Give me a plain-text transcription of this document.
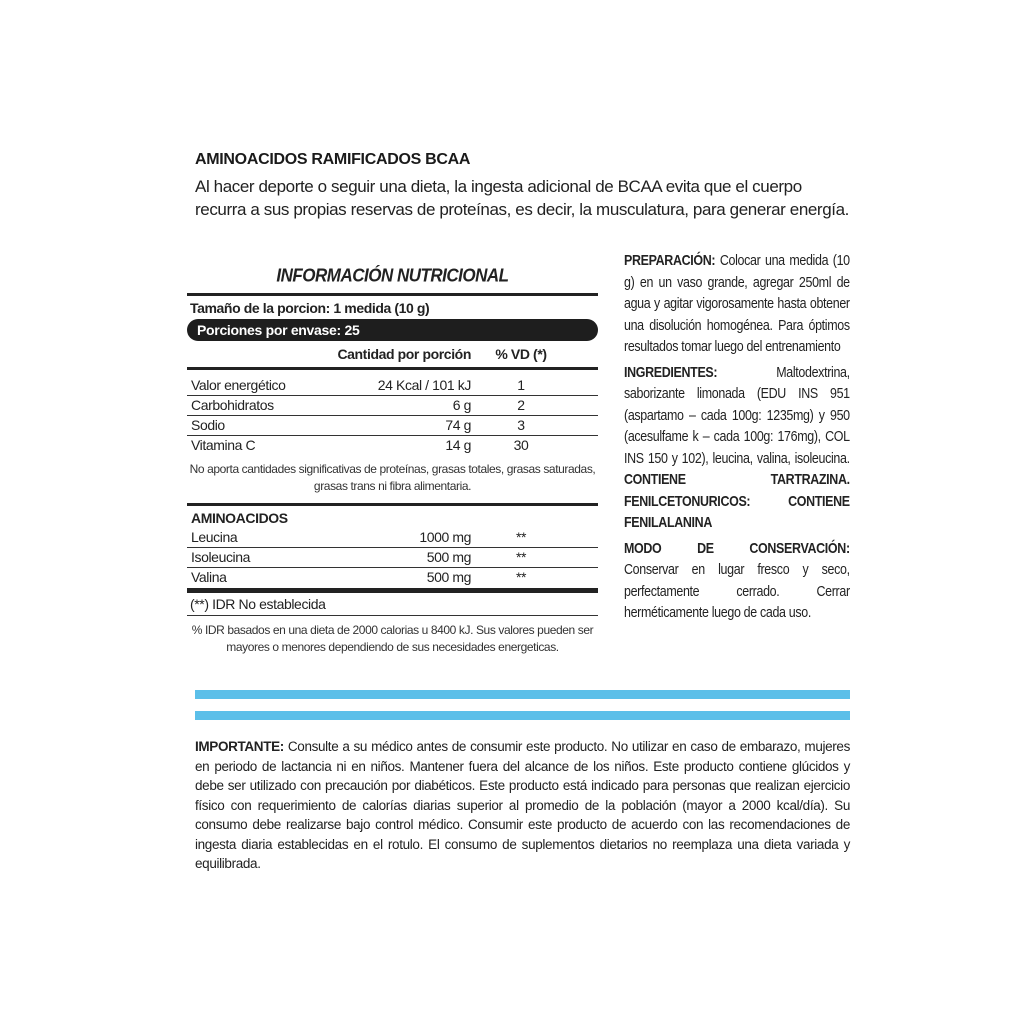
AMINOACIDOS RAMIFICADOS BCAA
Al hacer deporte o seguir una dieta, la ingesta adicional de BCAA evita que el cuerpo recurra a sus propias reservas de proteínas, es decir, la musculatura, para generar energía.
INFORMACIÓN NUTRICIONAL
Tamaño de la porcion: 1 medida (10 g)
Porciones por envase: 25
Cantidad por porción	% VD (*)
Valor energético	24 Kcal / 101 kJ	1
Carbohidratos	6 g	2
Sodio	74 g	3
Vitamina C	14 g	30
No aporta cantidades significativas de proteínas, grasas totales, grasas saturadas, grasas trans ni fibra alimentaria.
AMINOACIDOS
Leucina	1000 mg	**
Isoleucina	500 mg	**
Valina	500 mg	**
(**) IDR No establecida
% IDR basados en una dieta de 2000 calorias u 8400 kJ. Sus valores pueden ser mayores o menores dependiendo de sus necesidades energeticas.

PREPARACIÓN: Colocar una medida (10 g) en un vaso grande, agregar 250ml de agua y agitar vigorosamente hasta obtener una disolución homogénea. Para óptimos resultados tomar luego del entrenamiento

INGREDIENTES: Maltodextrina, saborizante limonada (EDU INS 951 (aspartamo – cada 100g: 1235mg) y 950 (acesulfame k – cada 100g: 176mg), COL INS 150 y 102), leucina, valina, isoleucina. CONTIENE TARTRAZINA. FENILCETONURICOS: CONTIENE FENILALANINA

MODO DE CONSERVACIÓN:

Conservar en lugar fresco y seco, perfectamente cerrado. Cerrar herméticamente luego de cada uso.

IMPORTANTE: Consulte a su médico antes de consumir este producto. No utilizar en caso de embarazo, mujeres en periodo de lactancia ni en niños. Mantener fuera del alcance de los niños. Este producto contiene glúcidos y debe ser utilizado con precaución por diabéticos. Este producto está indicado para personas que realizan ejercicio físico con requerimiento de calorías diarias superior al promedio de la población (mayor a 2000 kcal/día). Su consumo debe realizarse bajo control médico. Consumir este producto de acuerdo con las recomendaciones de ingesta diaria establecidas en el rotulo. El consumo de suplementos dietarios no reemplaza una dieta variada y equilibrada.
